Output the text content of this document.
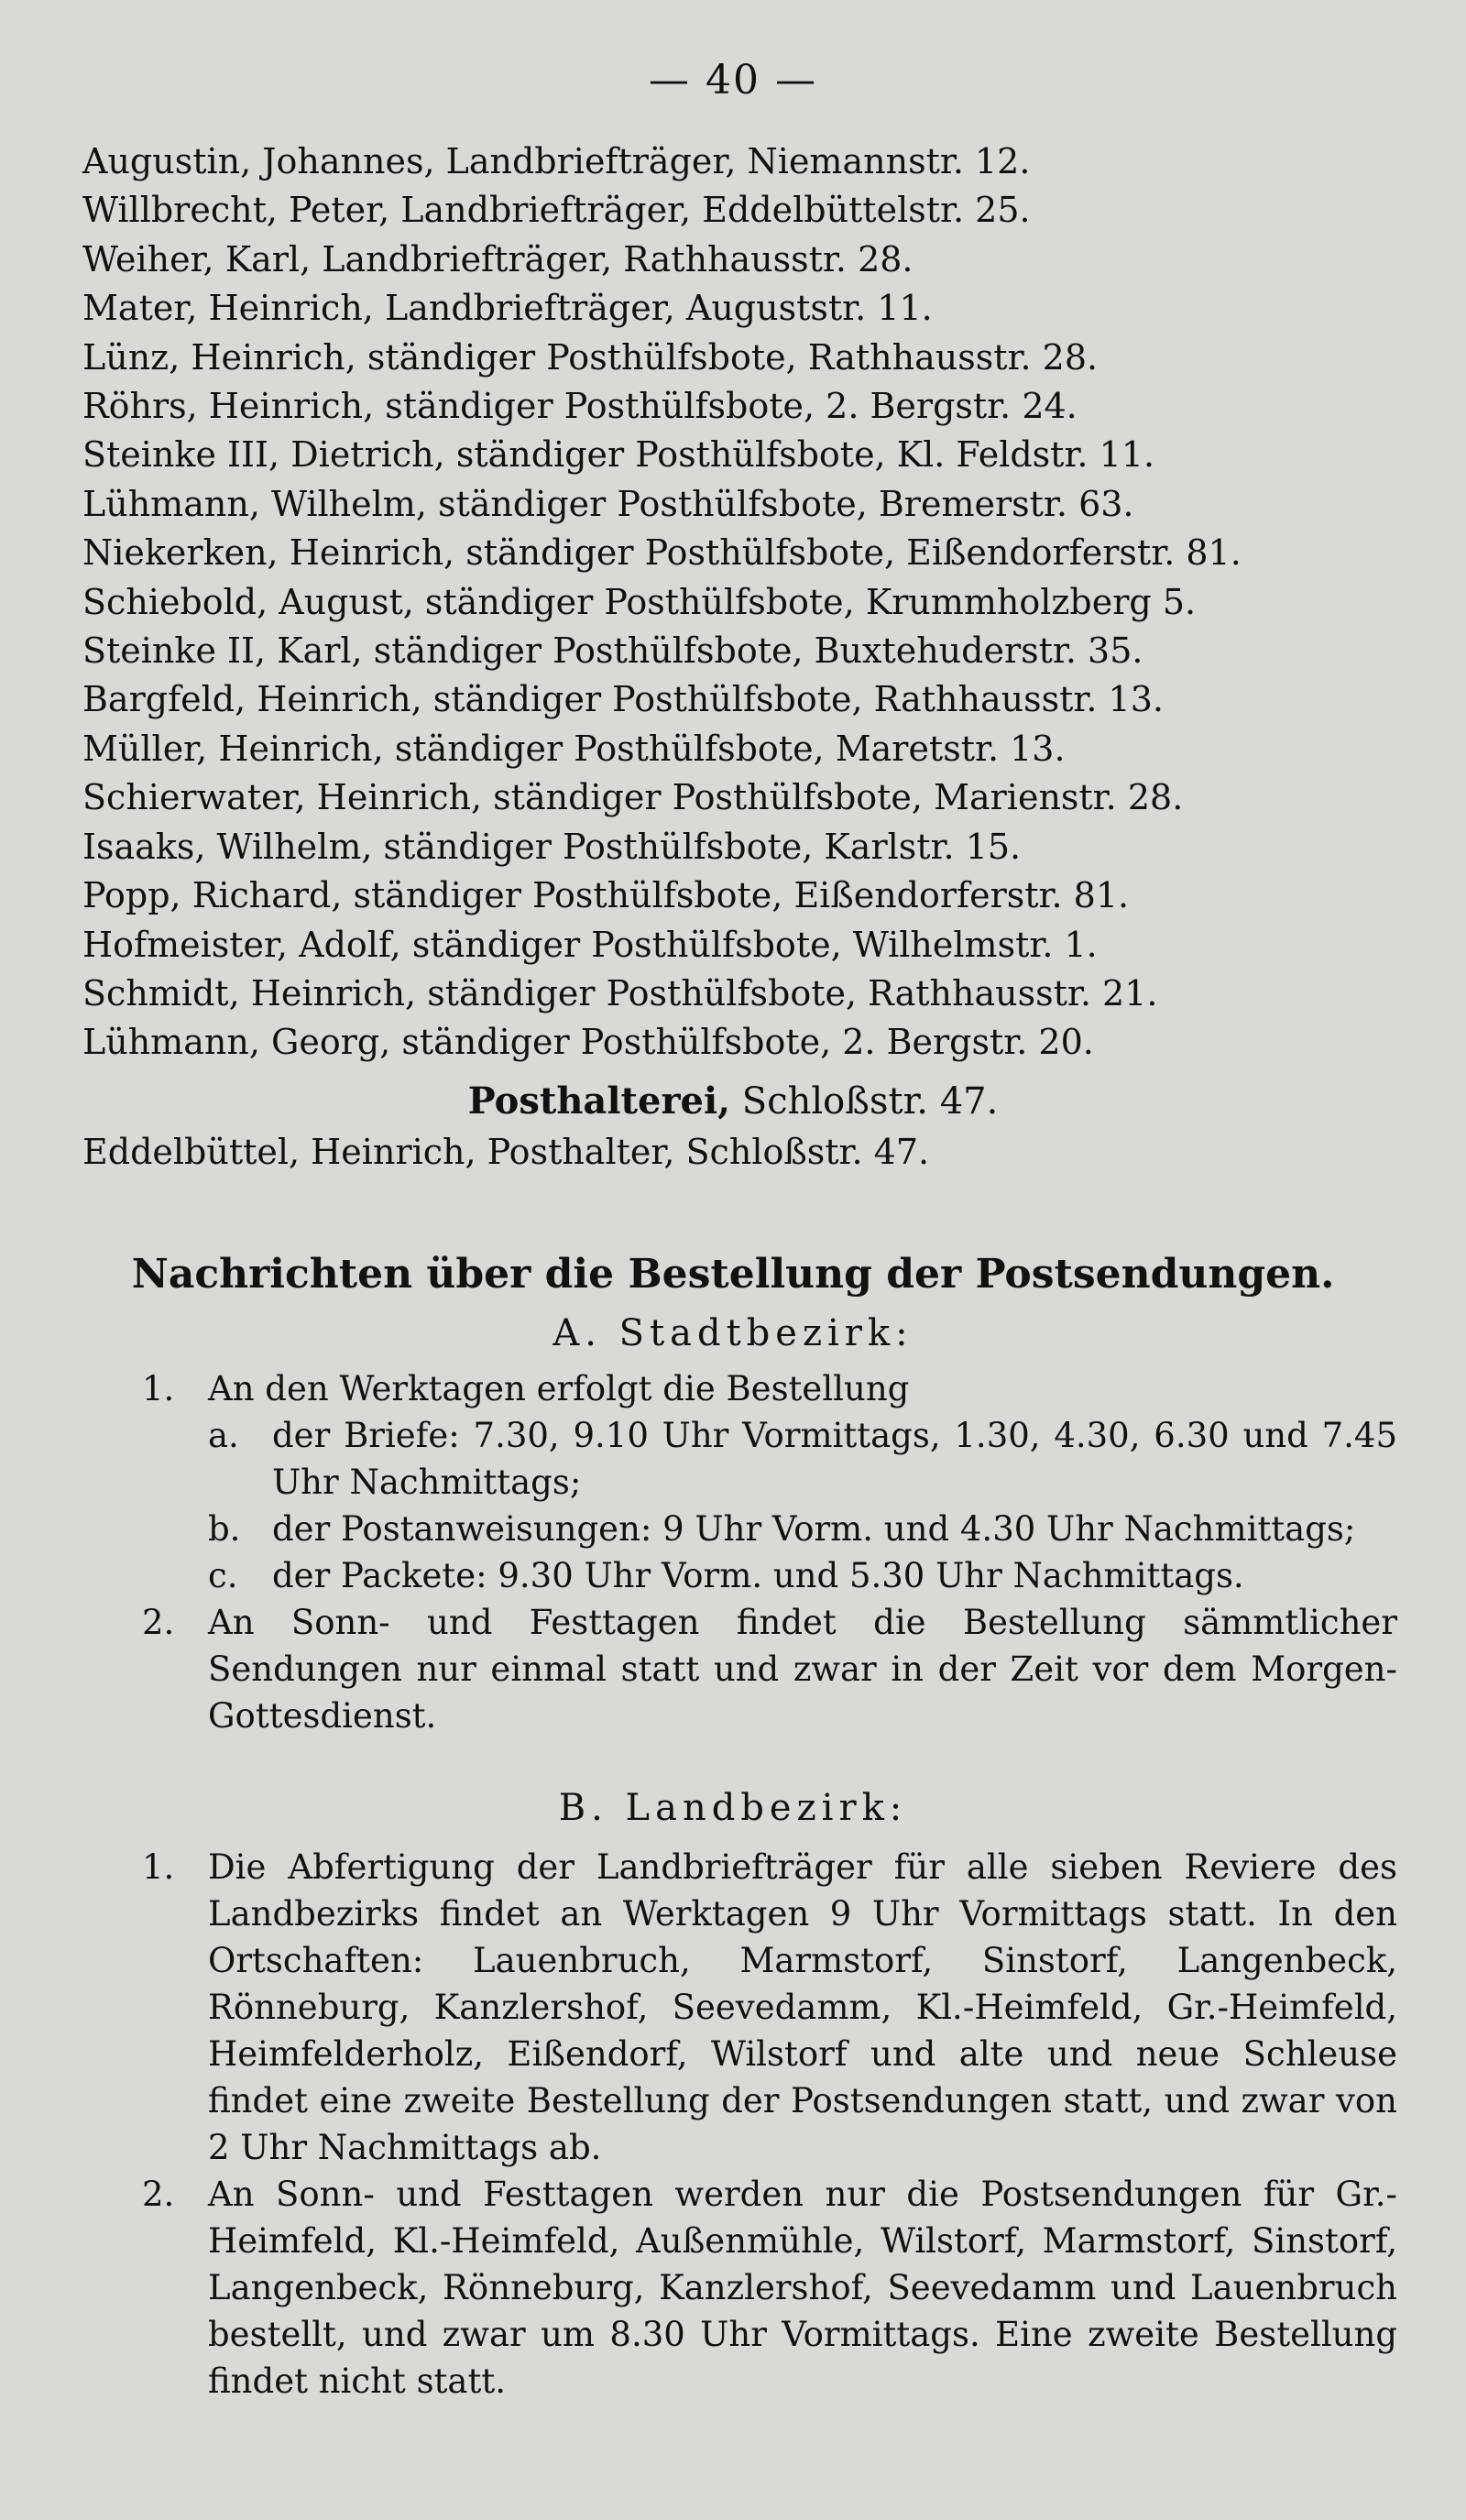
— 40 —
Augustin, Johannes, Landbriefträger, Niemannstr. 12.
Willbrecht, Peter, Landbriefträger, Eddelbüttelstr. 25.
Weiher, Karl, Landbriefträger, Rathhausstr. 28.
Mater, Heinrich, Landbriefträger, Auguststr. 11.
Lünz, Heinrich, ständiger Posthülfsbote, Rathhausstr. 28.
Röhrs, Heinrich, ständiger Posthülfsbote, 2. Bergstr. 24.
Steinke III, Dietrich, ständiger Posthülfsbote, Kl. Feldstr. 11.
Lühmann, Wilhelm, ständiger Posthülfsbote, Bremerstr. 63.
Niekerken, Heinrich, ständiger Posthülfsbote, Eißendorferstr. 81.
Schiebold, August, ständiger Posthülfsbote, Krummholzberg 5.
Steinke II, Karl, ständiger Posthülfsbote, Buxtehuderstr. 35.
Bargfeld, Heinrich, ständiger Posthülfsbote, Rathhausstr. 13.
Müller, Heinrich, ständiger Posthülfsbote, Maretstr. 13.
Schierwater, Heinrich, ständiger Posthülfsbote, Marienstr. 28.
Isaaks, Wilhelm, ständiger Posthülfsbote, Karlstr. 15.
Popp, Richard, ständiger Posthülfsbote, Eißendorferstr. 81.
Hofmeister, Adolf, ständiger Posthülfsbote, Wilhelmstr. 1.
Schmidt, Heinrich, ständiger Posthülfsbote, Rathhausstr. 21.
Lühmann, Georg, ständiger Posthülfsbote, 2. Bergstr. 20.
Posthalterei, Schloßstr. 47.
Eddelbüttel, Heinrich, Posthalter, Schloßstr. 47.
Nachrichten über die Bestellung der Postsendungen.
A. Stadtbezirk:
1. An den Werktagen erfolgt die Bestellung
a. der Briefe: 7.30, 9.10 Uhr Vormittags, 1.30, 4.30, 6.30 und 7.45 Uhr Nachmittags;
b. der Postanweisungen: 9 Uhr Vorm. und 4.30 Uhr Nachmittags;
c. der Packete: 9.30 Uhr Vorm. und 5.30 Uhr Nachmittags.
2. An Sonn- und Festtagen findet die Bestellung sämmtlicher Sendungen nur einmal statt und zwar in der Zeit vor dem Morgen-Gottesdienst.
B. Landbezirk:
1. Die Abfertigung der Landbriefträger für alle sieben Reviere des Landbezirks findet an Werktagen 9 Uhr Vormittags statt. In den Ortschaften: Lauenbruch, Marmstorf, Sinstorf, Langenbeck, Rönneburg, Kanzlershof, Seevedamm, Kl.-Heimfeld, Gr.-Heimfeld, Heimfelderholz, Eißendorf, Wilstorf und alte und neue Schleuse findet eine zweite Bestellung der Postsendungen statt, und zwar von 2 Uhr Nachmittags ab.
2. An Sonn- und Festtagen werden nur die Postsendungen für Gr.-Heimfeld, Kl.-Heimfeld, Außenmühle, Wilstorf, Marmstorf, Sinstorf, Langenbeck, Rönneburg, Kanzlershof, Seevedamm und Lauenbruch bestellt, und zwar um 8.30 Uhr Vormittags. Eine zweite Bestellung findet nicht statt.
